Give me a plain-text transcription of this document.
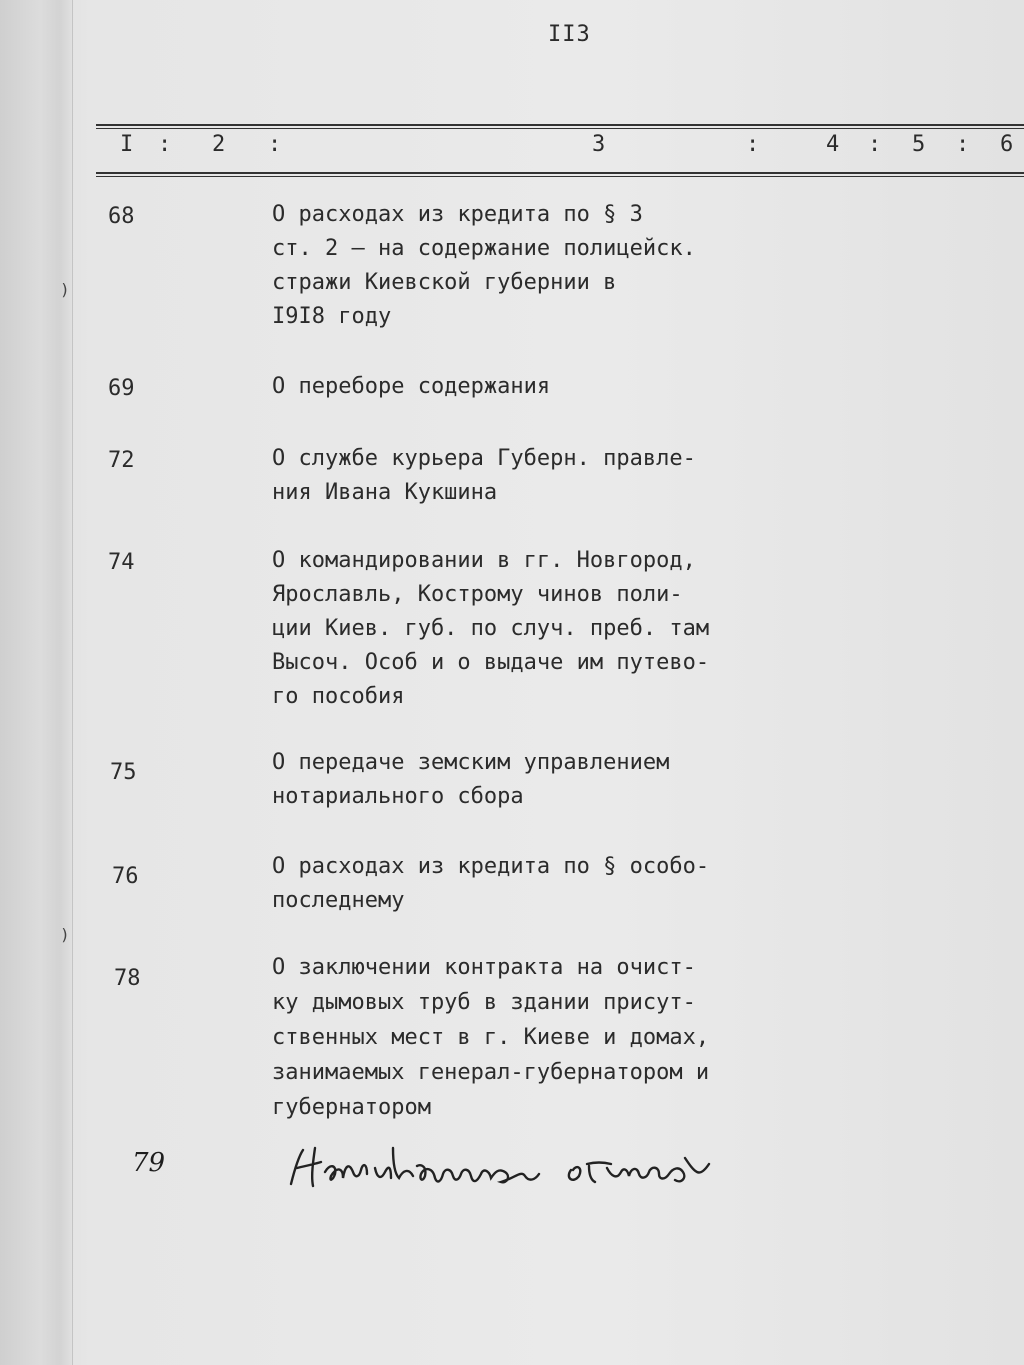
)
)
II3
I : 2 :	3	:	4 : 5 : 6
68	О расходах из кредита по § 3
ст. 2 – на содержание полицейск.
стражи Киевской губернии в
I9I8 году
69	О переборе содержания
72	О службе курьера Губерн. правле-
ния Ивана Кукшина
74	О командировании в гг. Новгород,
Ярославль, Кострому чинов поли-
ции Киев. губ. по случ. преб. там
Высоч. Особ и о выдаче им путево-
го пособия
75	О передаче земским управлением
нотариального сбора
76	О расходах из кредита по § особо-
последнему
78	О заключении контракта на очист-
ку дымовых труб в здании присут-
ственных мест в г. Киеве и домах,
занимаемых генерал-губернатором и
губернатором
79
